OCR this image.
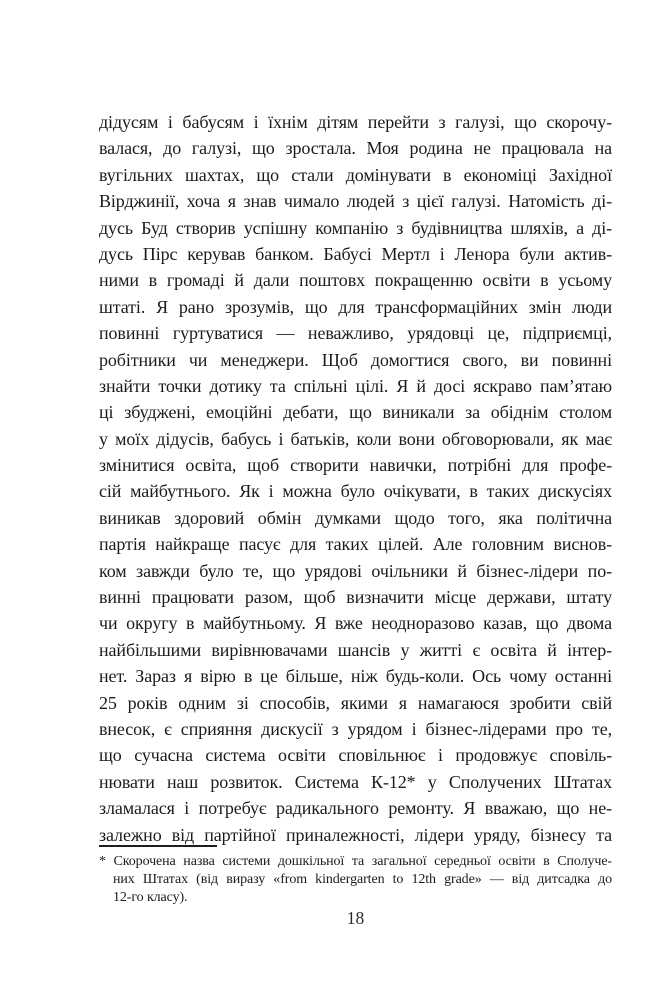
дідусям і бабусям і їхнім дітям перейти з галузі, що скорочу-
валася, до галузі, що зростала. Моя родина не працювала на
вугільних шахтах, що стали домінувати в економіці Західної
Вірджинії, хоча я знав чимало людей з цієї галузі. Натомість ді-
дусь Буд створив успішну компанію з будівництва шляхів, а ді-
дусь Пірс керував банком. Бабусі Мертл і Ленора були актив-
ними в громаді й дали поштовх покращенню освіти в усьому
штаті. Я рано зрозумів, що для трансформаційних змін люди
повинні гуртуватися — неважливо, урядовці це, підприємці,
робітники чи менеджери. Щоб домогтися свого, ви повинні
знайти точки дотику та спільні цілі. Я й досі яскраво пам’ятаю
ці збуджені, емоційні дебати, що виникали за обіднім столом
у моїх дідусів, бабусь і батьків, коли вони обговорювали, як має
змінитися освіта, щоб створити навички, потрібні для профе-
сій майбутнього. Як і можна було очікувати, в таких дискусіях
виникав здоровий обмін думками щодо того, яка політична
партія найкраще пасує для таких цілей. Але головним виснов-
ком завжди було те, що урядові очільники й бізнес-лідери по-
винні працювати разом, щоб визначити місце держави, штату
чи округу в майбутньому. Я вже неодноразово казав, що двома
найбільшими вирівнювачами шансів у житті є освіта й інтер-
нет. Зараз я вірю в це більше, ніж будь-коли. Ось чому останні
25 років одним зі способів, якими я намагаюся зробити свій
внесок, є сприяння дискусії з урядом і бізнес-лідерами про те,
що сучасна система освіти сповільнює і продовжує сповіль-
нювати наш розвиток. Система К-12* у Сполучених Штатах
зламалася і потребує радикального ремонту. Я вважаю, що не-
залежно від партійної приналежності, лідери уряду, бізнесу та
* Скорочена назва системи дошкільної та загальної середньої освіти в Сполуче-
них Штатах (від виразу «from kindergarten to 12th grade» — від дитсадка до
12-го класу).
18
